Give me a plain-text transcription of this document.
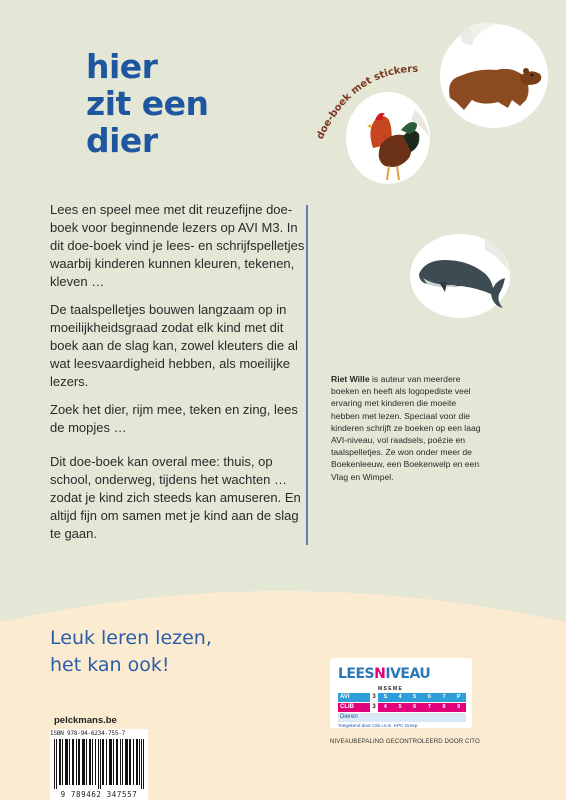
hier
zit een
dier	doe-boek met stickers
Lees en speel mee met dit reuzefijne doe-boek voor beginnende lezers op AVI M3. In dit doe-boek vind je lees- en schrijfspelletjes waarbij kinderen kunnen kleuren, tekenen, kleven …
De taalspelletjes bouwen langzaam op in moeilijkheidsgraad zodat elk kind met dit boek aan de slag kan, zowel kleuters die al wat leesvaardigheid hebben, als moeilijke lezers.
Zoek het dier, rijm mee, teken en zing, lees de mopjes …
Dit doe-boek kan overal mee: thuis, op school, onderweg, tijdens het wachten … zodat je kind zich steeds kan amuseren. En altijd fijn om samen met je kind aan de slag te gaan.
Riet Wille is auteur van meerdere boeken en heeft als logopediste veel ervaring met kinderen die moeite hebben met lezen. Speciaal voor die kinderen schrijft ze boeken op een laag AVI-niveau, vol raadsels, poëzie en taalspelletjes. Ze won onder meer de Boekenleeuw, een Boekenwelp en een Vlag en Wimpel.
Leuk leren lezen,
het kan ook!
pelckmans.be
ISBN 978-94-6234-755-7
9 789462 347557
LEESNIVEAU
M S E M E
AVI	3	S	4	5	6	7	P
CLIB	3	4	5	6	7	8	9
Dieren
Toegekend door Cito i.s.m. KPC Groep
NIVEAUBEPALING GECONTROLEERD DOOR CITO
